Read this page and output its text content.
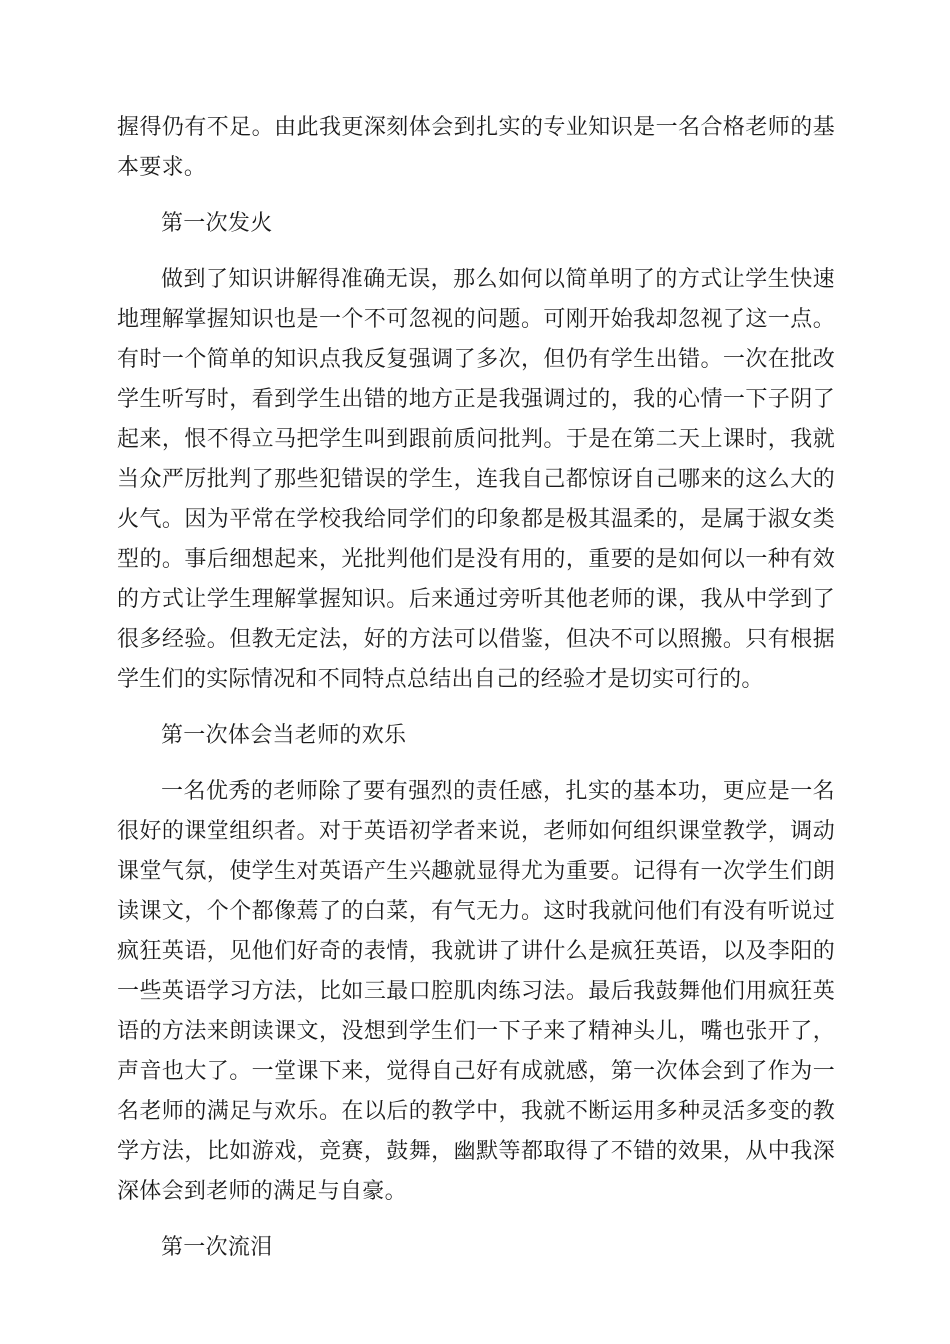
握得仍有不足。由此我更深刻体会到扎实的专业知识是一名合格老师的基本要求。

第一次发火

做到了知识讲解得准确无误，那么如何以简单明了的方式让学生快速地理解掌握知识也是一个不可忽视的问题。可刚开始我却忽视了这一点。有时一个简单的知识点我反复强调了多次，但仍有学生出错。一次在批改学生听写时，看到学生出错的地方正是我强调过的，我的心情一下子阴了起来，恨不得立马把学生叫到跟前质问批判。于是在第二天上课时，我就当众严厉批判了那些犯错误的学生，连我自己都惊讶自己哪来的这么大的火气。因为平常在学校我给同学们的印象都是极其温柔的，是属于淑女类型的。事后细想起来，光批判他们是没有用的，重要的是如何以一种有效的方式让学生理解掌握知识。后来通过旁听其他老师的课，我从中学到了很多经验。但教无定法，好的方法可以借鉴，但决不可以照搬。只有根据学生们的实际情况和不同特点总结出自己的经验才是切实可行的。

第一次体会当老师的欢乐

一名优秀的老师除了要有强烈的责任感，扎实的基本功，更应是一名很好的课堂组织者。对于英语初学者来说，老师如何组织课堂教学，调动课堂气氛，使学生对英语产生兴趣就显得尤为重要。记得有一次学生们朗读课文，个个都像蔫了的白菜，有气无力。这时我就问他们有没有听说过疯狂英语，见他们好奇的表情，我就讲了讲什么是疯狂英语，以及李阳的一些英语学习方法，比如三最口腔肌肉练习法。最后我鼓舞他们用疯狂英语的方法来朗读课文，没想到学生们一下子来了精神头儿，嘴也张开了，声音也大了。一堂课下来，觉得自己好有成就感，第一次体会到了作为一名老师的满足与欢乐。在以后的教学中，我就不断运用多种灵活多变的教学方法，比如游戏，竞赛，鼓舞，幽默等都取得了不错的效果，从中我深深体会到老师的满足与自豪。

第一次流泪
